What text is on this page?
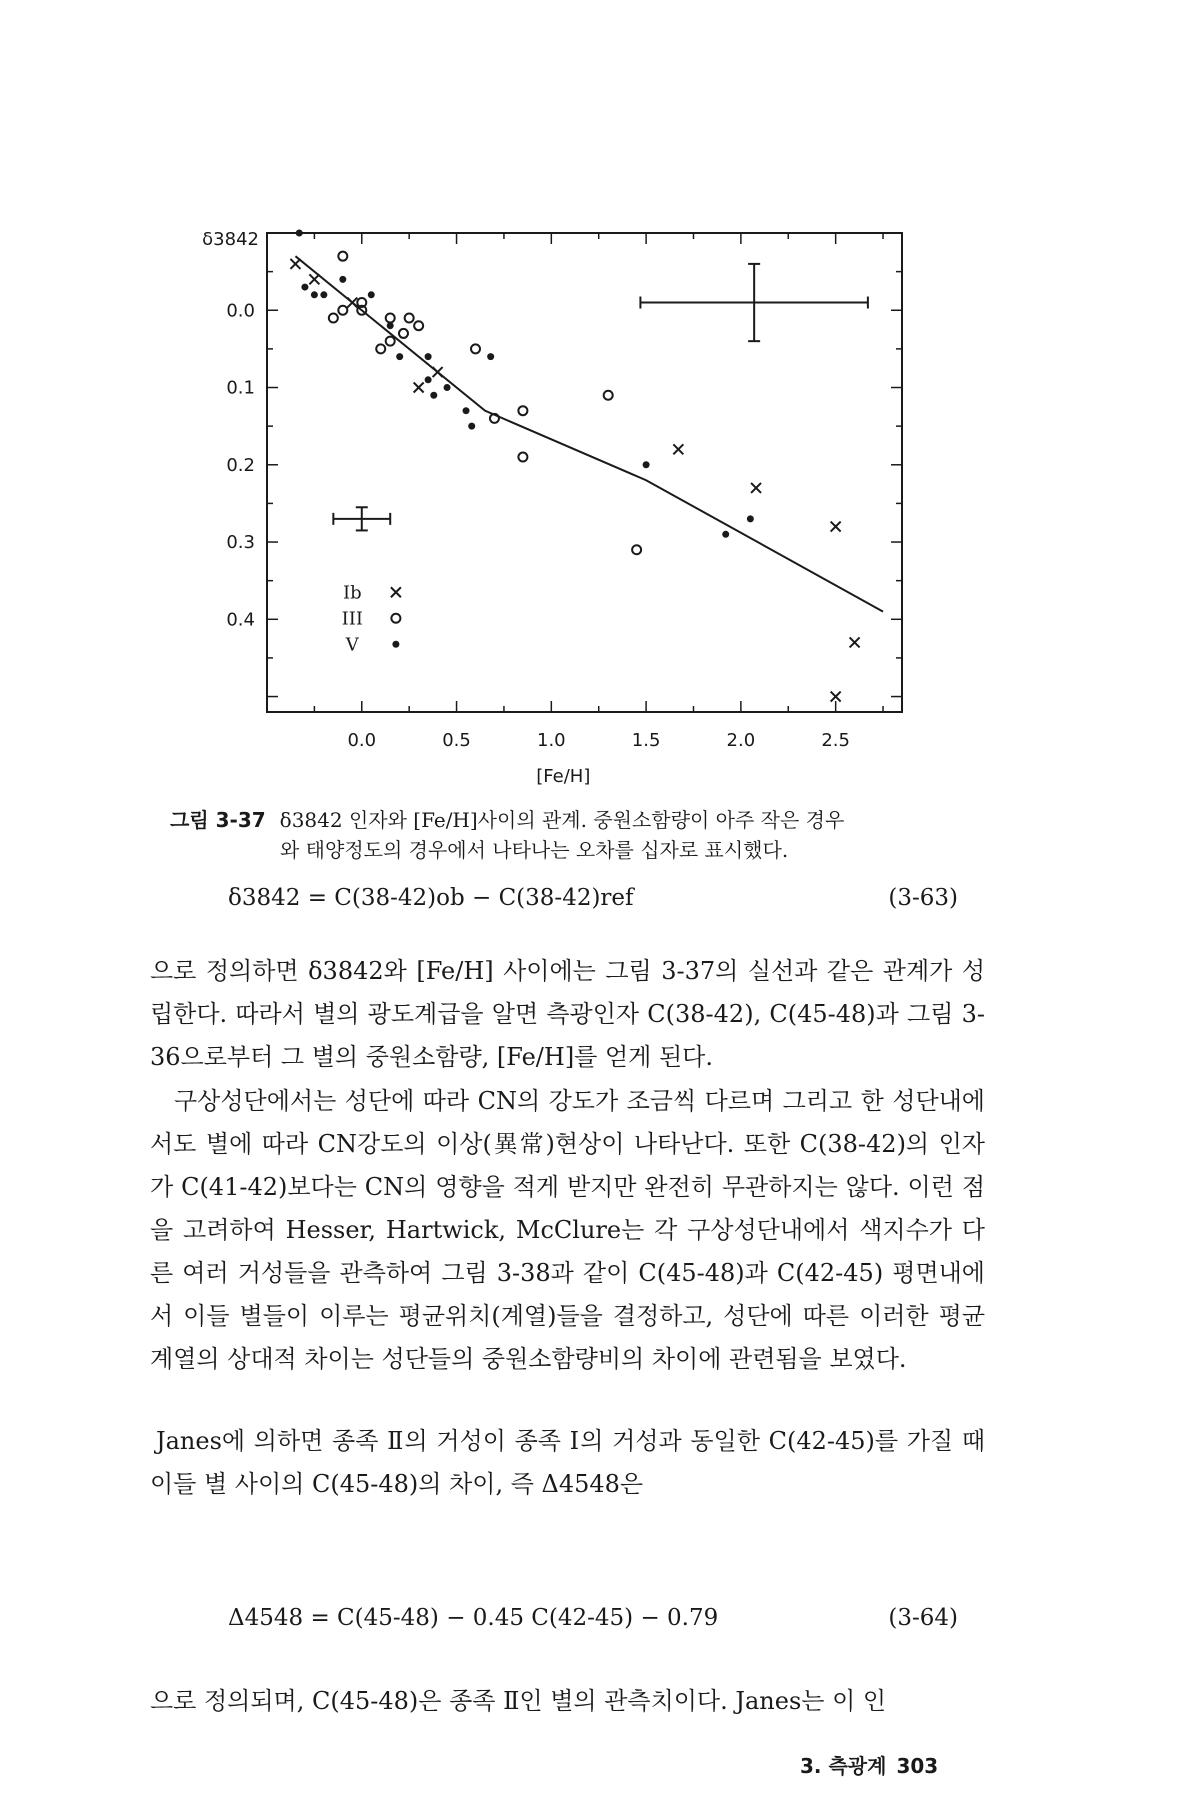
0.0	0.5	1.0	1.5	2.0	2.5
0.0
0.1
0.2
0.3
0.4
δ3842
[Fe/H]
Ib
III
V
그림 3-37 δ3842 인자와 [Fe/H]사이의 관계. 중원소함량이 아주 작은 경우
와 태양정도의 경우에서 나타나는 오차를 십자로 표시했다.
δ3842 = C(38-42)ob − C(38-42)ref	(3-63)

으로 정의하면 δ3842와 [Fe/H] 사이에는 그림 3-37의 실선과 같은 관계가 성립한다. 따라서 별의 광도계급을 알면 측광인자 C(38-42), C(45-48)과 그림 3-36으로부터 그 별의 중원소함량, [Fe/H]를 얻게 된다.

구상성단에서는 성단에 따라 CN의 강도가 조금씩 다르며 그리고 한 성단내에서도 별에 따라 CN강도의 이상(異常)현상이 나타난다. 또한 C(38-42)의 인자가 C(41-42)보다는 CN의 영향을 적게 받지만 완전히 무관하지는 않다. 이런 점을 고려하여 Hesser, Hartwick, McClure는 각 구상성단내에서 색지수가 다른 여러 거성들을 관측하여 그림 3-38과 같이 C(45-48)과 C(42-45) 평면내에서 이들 별들이 이루는 평균위치(계열)들을 결정하고, 성단에 따른 이러한 평균계열의 상대적 차이는 성단들의 중원소함량비의 차이에 관련됨을 보였다.

Janes에 의하면 종족 Ⅱ의 거성이 종족 Ⅰ의 거성과 동일한 C(42-45)를 가질 때 이들 별 사이의 C(45-48)의 차이, 즉 Δ4548은

Δ4548 = C(45-48) − 0.45 C(42-45) − 0.79	(3-64)

으로 정의되며, C(45-48)은 종족 Ⅱ인 별의 관측치이다. Janes는 이 인

3. 측광계 303
